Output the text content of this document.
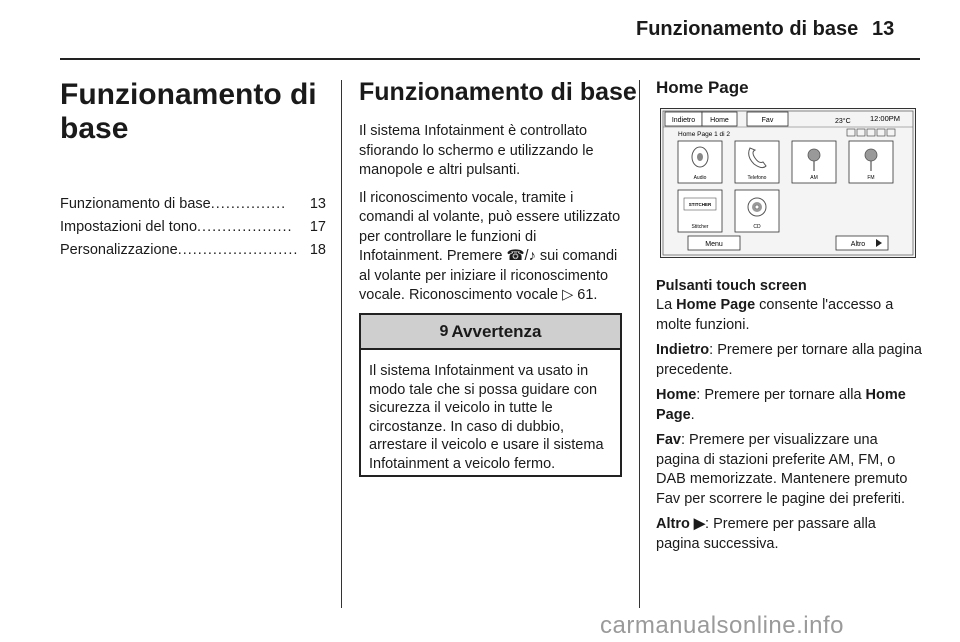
Funzionamento di base 13
Funzionamento di base
Funzionamento di base ...............	13
Impostazioni del tono ...................	17
Personalizzazione ........................ 18
Funzionamento di base

Il sistema Infotainment è controllato sfiorando lo schermo e utilizzando le manopole e altri pulsanti.

Il riconoscimento vocale, tramite i comandi al volante, può essere utilizzato per controllare le funzioni di Infotainment. Premere ☎/♪ sui comandi al volante per iniziare il riconoscimento vocale. Riconoscimento vocale ▷ 61.

9 Avvertenza
Il sistema Infotainment va usato in modo tale che si possa guidare con sicurezza il veicolo in tutte le circostanze. In caso di dubbio, arrestare il veicolo e usare il sistema Infotainment a veicolo fermo.
Home Page
Indietro Home	Fav	23°C	12:00PM
Home Page 1 di 2
Audio	Telefono	AM	FM
STITCHER
Stitcher	CD
Menu	Altro
Pulsanti touch screen

La Home Page consente l'accesso a molte funzioni.

Indietro: Premere per tornare alla pagina precedente.

Home: Premere per tornare alla Home Page.

Fav: Premere per visualizzare una pagina di stazioni preferite AM, FM, o DAB memorizzate. Mantenere premuto Fav per scorrere le pagine dei preferiti.

Altro ▶: Premere per passare alla pagina successiva.

carmanualsonline.info
